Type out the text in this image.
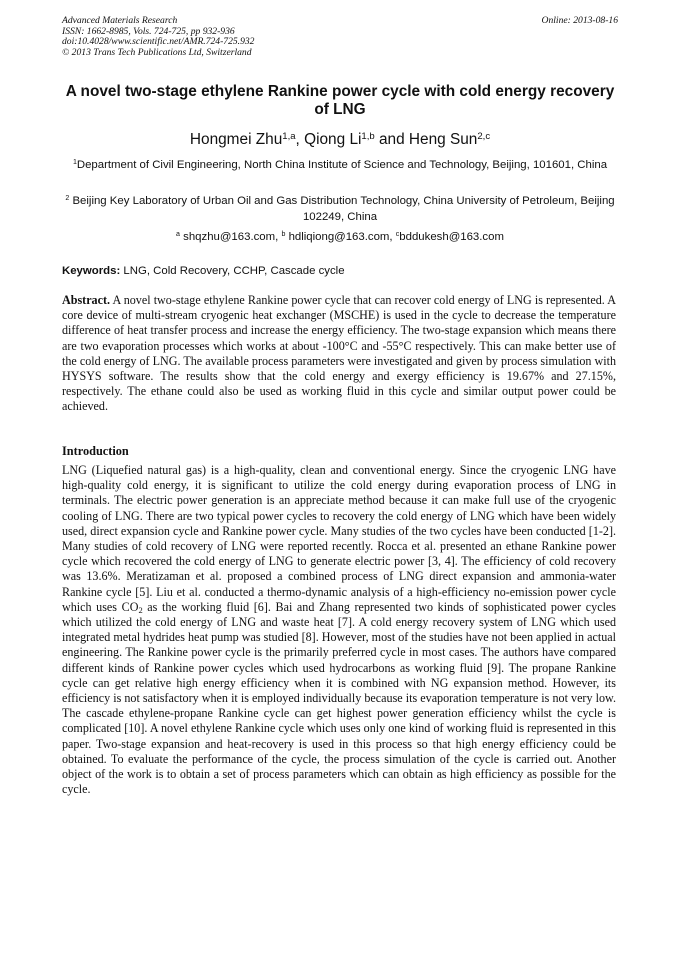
Advanced Materials Research
ISSN: 1662-8985, Vols. 724-725, pp 932-936
doi:10.4028/www.scientific.net/AMR.724-725.932
© 2013 Trans Tech Publications Ltd, Switzerland
Online: 2013-08-16
A novel two-stage ethylene Rankine power cycle with cold energy recovery of LNG
Hongmei Zhu$^{1,a}$, Qiong Li$^{1,b}$ and Heng Sun$^{2,c}$
$^1$Department of Civil Engineering, North China Institute of Science and Technology, Beijing, 101601, China
$^2$ Beijing Key Laboratory of Urban Oil and Gas Distribution Technology, China University of Petroleum, Beijing 102249, China
$^a$ shqzhu@163.com, $^b$ hdliqiong@163.com, $^c$bddukesh@163.com
Keywords: LNG, Cold Recovery, CCHP, Cascade cycle
Abstract. A novel two-stage ethylene Rankine power cycle that can recover cold energy of LNG is represented. A core device of multi-stream cryogenic heat exchanger (MSCHE) is used in the cycle to decrease the temperature difference of heat transfer process and increase the energy efficiency. The two-stage expansion which means there are two evaporation processes which works at about -100°C and -55°C respectively. This can make better use of the cold energy of LNG. The available process parameters were investigated and given by process simulation with HYSYS software. The results show that the cold energy and exergy efficiency is 19.67% and 27.15%, respectively. The ethane could also be used as working fluid in this cycle and similar output power could be achieved.
Introduction
LNG (Liquefied natural gas) is a high-quality, clean and conventional energy. Since the cryogenic LNG have high-quality cold energy, it is significant to utilize the cold energy during evaporation process of LNG in terminals. The electric power generation is an appreciate method because it can make full use of the cryogenic cooling of LNG. There are two typical power cycles to recovery the cold energy of LNG which have been widely used, direct expansion cycle and Rankine power cycle. Many studies of the two cycles have been conducted [1-2]. Many studies of cold recovery of LNG were reported recently. Rocca et al. presented an ethane Rankine power cycle which recovered the cold energy of LNG to generate electric power [3, 4]. The efficiency of cold recovery was 13.6%. Meratizaman et al. proposed a combined process of LNG direct expansion and ammonia-water Rankine cycle [5]. Liu et al. conducted a thermo-dynamic analysis of a high-efficiency no-emission power cycle which uses $CO_2$ as the working fluid [6]. Bai and Zhang represented two kinds of sophisticated power cycles which utilized the cold energy of LNG and waste heat [7]. A cold energy recovery system of LNG which used integrated metal hydrides heat pump was studied [8]. However, most of the studies have not been applied in actual engineering. The Rankine power cycle is the primarily preferred cycle in most cases. The authors have compared different kinds of Rankine power cycles which used hydrocarbons as working fluid [9]. The propane Rankine cycle can get relative high energy efficiency when it is combined with NG expansion method. However, its efficiency is not satisfactory when it is employed individually because its evaporation temperature is not very low. The cascade ethylene-propane Rankine cycle can get highest power generation efficiency whilst the cycle is complicated [10]. A novel ethylene Rankine cycle which uses only one kind of working fluid is represented in this paper. Two-stage expansion and heat-recovery is used in this process so that high energy efficiency could be obtained. To evaluate the performance of the cycle, the process simulation of the cycle is carried out. Another object of the work is to obtain a set of process parameters which can obtain as high efficiency as possible for the cycle.
